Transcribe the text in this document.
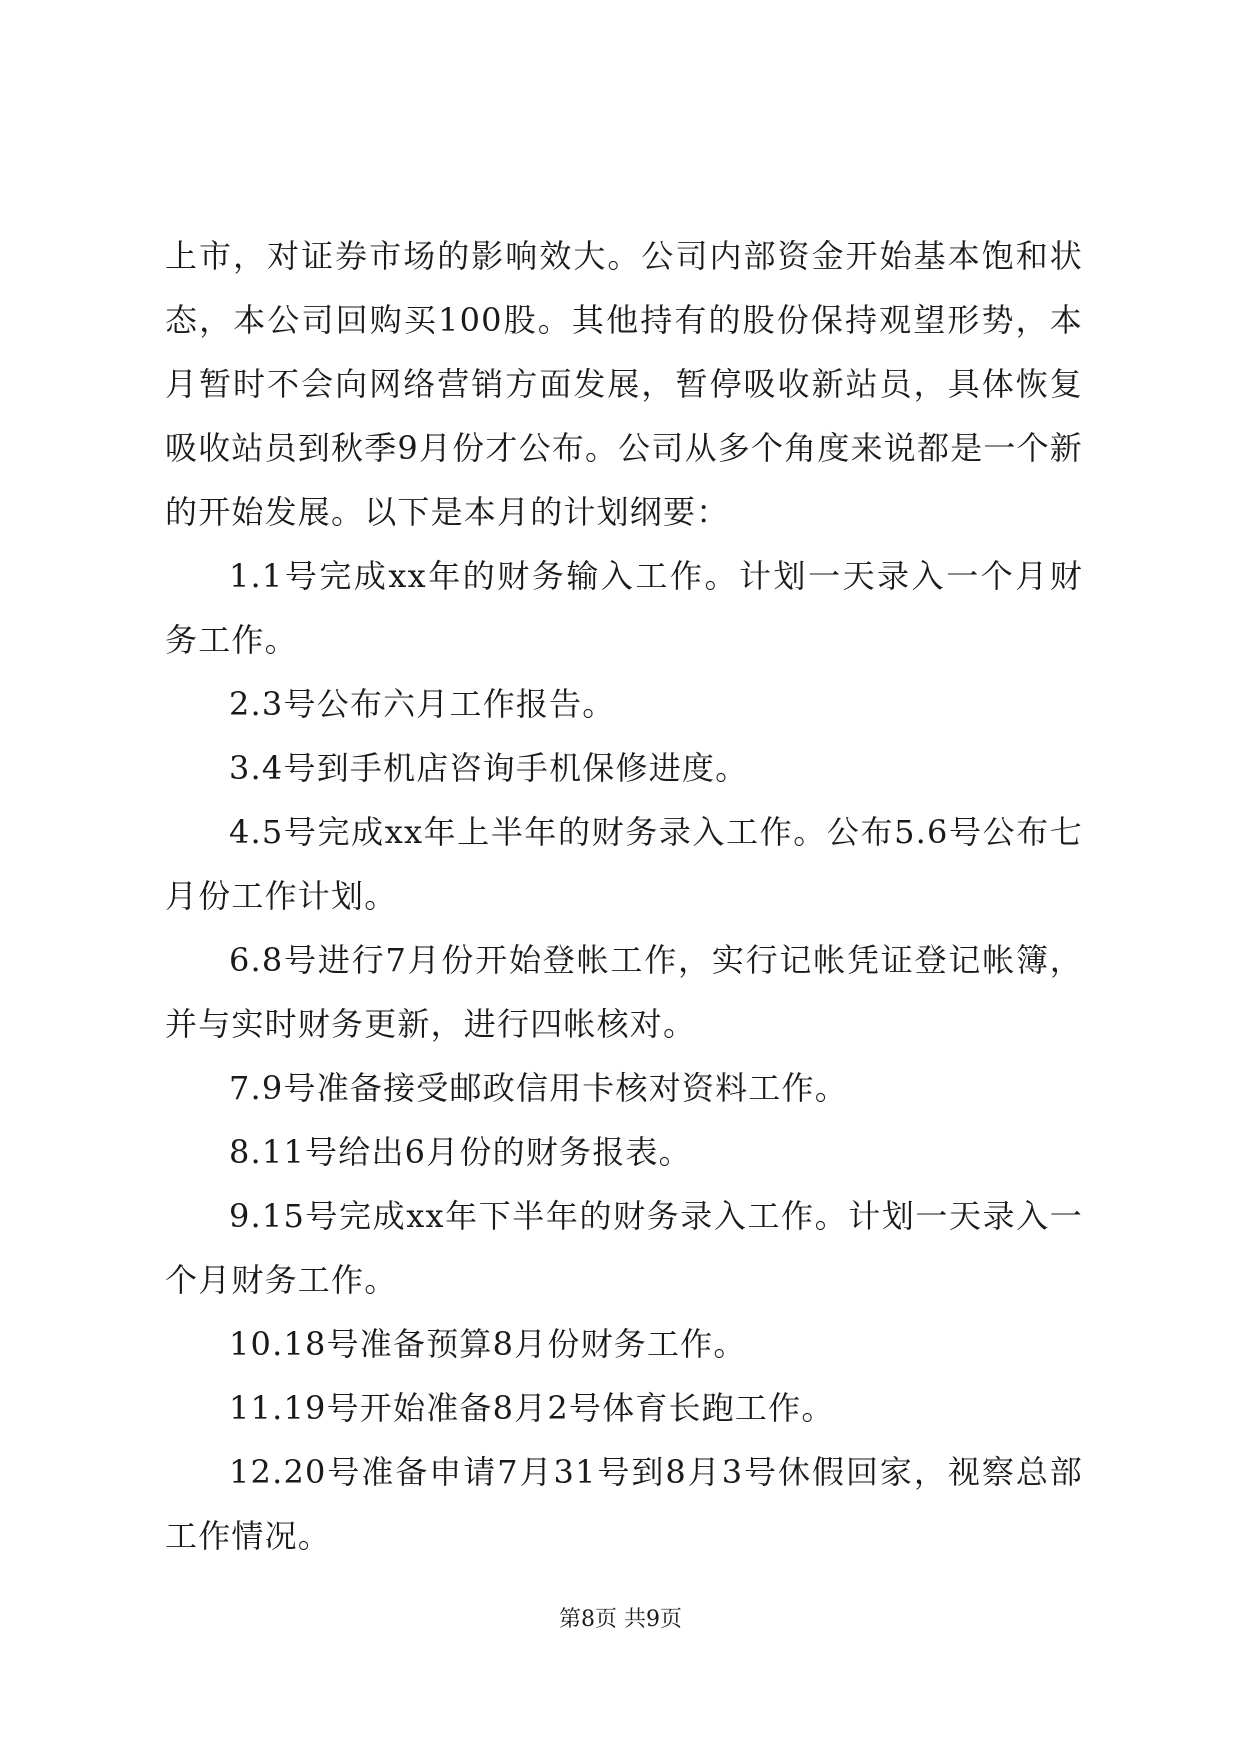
上市，对证券市场的影响效大。公司内部资金开始基本饱和状态，本公司回购买100股。其他持有的股份保持观望形势，本月暂时不会向网络营销方面发展，暂停吸收新站员，具体恢复吸收站员到秋季9月份才公布。公司从多个角度来说都是一个新的开始发展。以下是本月的计划纲要：

1.1号完成xx年的财务输入工作。计划一天录入一个月财务工作。

2.3号公布六月工作报告。

3.4号到手机店咨询手机保修进度。

4.5号完成xx年上半年的财务录入工作。公布5.6号公布七月份工作计划。

6.8号进行7月份开始登帐工作，实行记帐凭证登记帐簿，并与实时财务更新，进行四帐核对。

7.9号准备接受邮政信用卡核对资料工作。

8.11号给出6月份的财务报表。

9.15号完成xx年下半年的财务录入工作。计划一天录入一个月财务工作。

10.18号准备预算8月份财务工作。

11.19号开始准备8月2号体育长跑工作。

12.20号准备申请7月31号到8月3号休假回家，视察总部工作情况。

第8页 共9页
